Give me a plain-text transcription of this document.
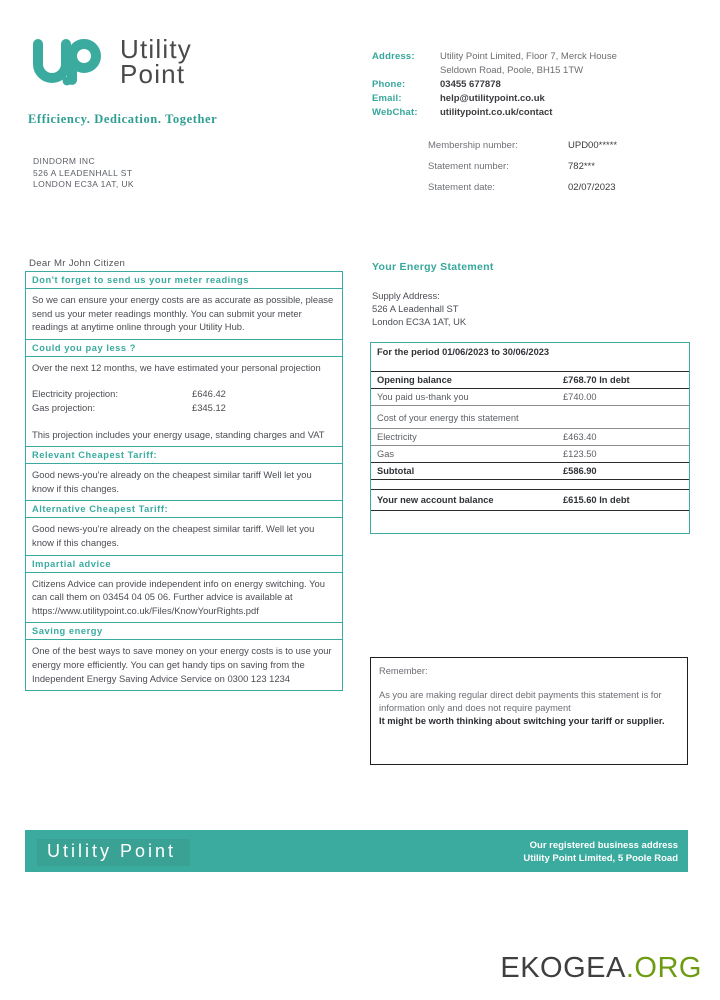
Utility
Point
Efficiency. Dedication. Together
Address:	Utility Point Limited, Floor 7, Merck House
	Seldown Road, Poole, BH15 1TW
Phone:	03455 677878
Email:	help@utilitypoint.co.uk
WebChat:	utilitypoint.co.uk/contact
Membership number:	UPD00*****
Statement number:	782***
Statement date:	02/07/2023
DINDORM INC
526 A LEADENHALL ST
LONDON EC3A 1AT, UK
Dear Mr John Citizen
Don't forget to send us your meter readings
So we can ensure your energy costs are as accurate as possible, please send us your meter readings monthly. You can submit your meter readings at anytime online through your Utility Hub.
Could you pay less ?

Over the next 12 months, we have estimated your personal projection

Electricity projection:	£646.42
Gas projection:	£345.12

This projection includes your energy usage, standing charges and VAT

Relevant Cheapest Tariff:
Good news-you're already on the cheapest similar tariff Well let you know if this changes.
Alternative Cheapest Tariff:
Good news-you're already on the cheapest similar tariff. Well let you know if this changes.
Impartial advice
Citizens Advice can provide independent info on energy switching. You can call them on 03454 04 05 06. Further advice is available at https://www.utilitypoint.co.uk/Files/KnowYourRights.pdf
Saving energy
One of the best ways to save money on your energy costs is to use your energy more efficiently. You can get handy tips on saving from the Independent Energy Saving Advice Service on 0300 123 1234
Your Energy Statement
Supply Address:
526 A Leadenhall ST
London EC3A 1AT, UK
For the period 01/06/2023 to 30/06/2023	

Opening balance	£768.70 In debt
You paid us-thank you	£740.00
Cost of your energy this statement	
Electricity	£463.40
Gas	£123.50
Subtotal	£586.90

Your new account balance	£615.60 In debt

Remember:
As you are making regular direct debit payments this statement is for information only and does not require payment
It might be worth thinking about switching your tariff or supplier.
Utility Point	Our registered business address
Utility Point Limited, 5 Poole Road
EKOGEA.ORG
